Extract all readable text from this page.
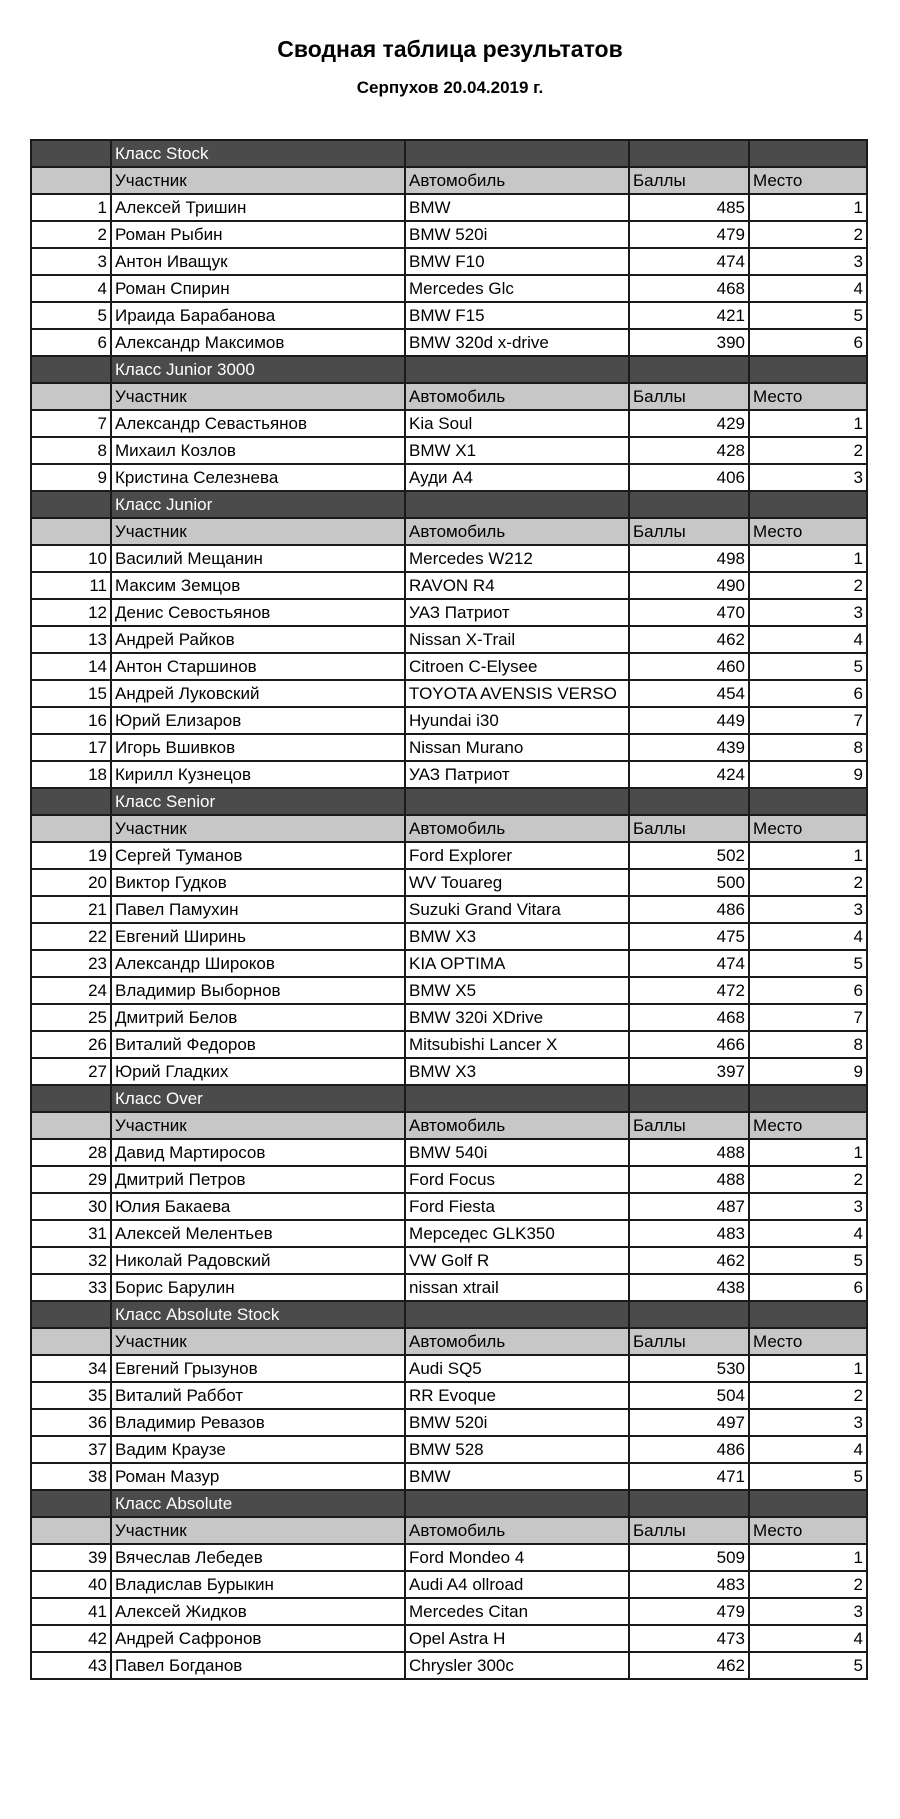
Сводная таблица результатов
Серпухов 20.04.2019 г.
	Класс Stock			
	Участник	Автомобиль	Баллы	Место
1	Алексей Тришин	BMW	485	1
2	Роман Рыбин	BMW 520i	479	2
3	Антон Иващук	BMW F10	474	3
4	Роман Спирин	Mercedes Glc	468	4
5	Ираида Барабанова	BMW F15	421	5
6	Александр Максимов	BMW 320d x-drive	390	6
	Класс Junior 3000			
	Участник	Автомобиль	Баллы	Место
7	Александр Севастьянов	Kia Soul	429	1
8	Михаил Козлов	BMW X1	428	2
9	Кристина Селезнева	Ауди А4	406	3
	Класс Junior			
	Участник	Автомобиль	Баллы	Место
10	Василий Мещанин	Mercedes W212	498	1
11	Максим Земцов	RAVON R4	490	2
12	Денис Севостьянов	УАЗ Патриот	470	3
13	Андрей Райков	Nissan X-Trail	462	4
14	Антон Старшинов	Citroen C-Elysee	460	5
15	Андрей Луковский	TOYOTA AVENSIS VERSO	454	6
16	Юрий Елизаров	Hyundai i30	449	7
17	Игорь Вшивков	Nissan Murano	439	8
18	Кирилл Кузнецов	УАЗ Патриот	424	9
	Класс Senior			
	Участник	Автомобиль	Баллы	Место
19	Сергей Туманов	Ford Explorer	502	1
20	Виктор Гудков	WV Touareg	500	2
21	Павел Памухин	Suzuki Grand Vitara	486	3
22	Евгений Ширинь	BMW X3	475	4
23	Александр Широков	KIA OPTIMA	474	5
24	Владимир Выборнов	BMW X5	472	6
25	Дмитрий Белов	BMW 320i XDrive	468	7
26	Виталий Федоров	Mitsubishi Lancer X	466	8
27	Юрий Гладких	BMW X3	397	9
	Класс Over			
	Участник	Автомобиль	Баллы	Место
28	Давид Мартиросов	BMW 540i	488	1
29	Дмитрий Петров	Ford Focus	488	2
30	Юлия Бакаева	Ford Fiesta	487	3
31	Алексей Мелентьев	Мерседес GLK350	483	4
32	Николай Радовский	VW Golf R	462	5
33	Борис Барулин	nissan xtrail	438	6
	Класс Absolute Stock			
	Участник	Автомобиль	Баллы	Место
34	Евгений Грызунов	Audi SQ5	530	1
35	Виталий Раббот	RR Evoque	504	2
36	Владимир Ревазов	BMW 520i	497	3
37	Вадим Краузе	BMW 528	486	4
38	Роман Мазур	BMW	471	5
	Класс Absolute			
	Участник	Автомобиль	Баллы	Место
39	Вячеслав Лебедев	Ford Mondeo 4	509	1
40	Владислав Бурыкин	Audi A4 ollroad	483	2
41	Алексей Жидков	Mercedes Citan	479	3
42	Андрей Сафронов	Opel Astra H	473	4
43	Павел Богданов	Chrysler 300c	462	5
